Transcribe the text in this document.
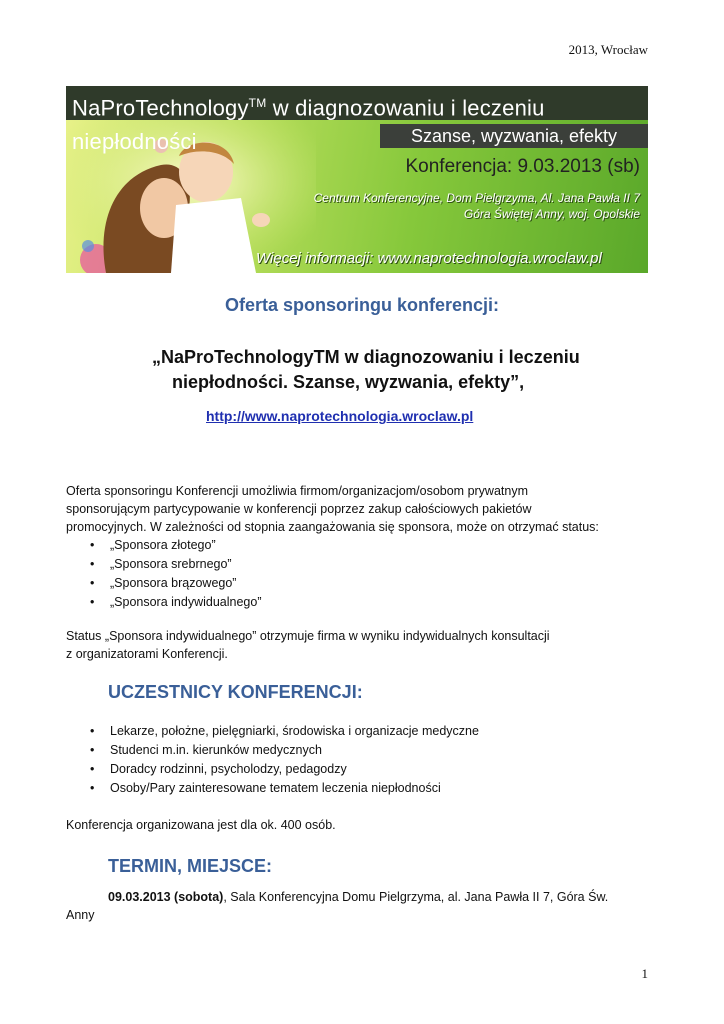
2013, Wrocław
NaProTechnology™ w diagnozowaniu i leczeniu niepłodności	Szanse, wyzwania, efekty
Konferencja: 9.03.2013 (sb)
Centrum Konferencyjne, Dom Pielgrzyma, Al. Jana Pawła II 7
Góra Świętej Anny, woj. Opolskie
Więcej informacji: www.naprotechnologia.wroclaw.pl
Oferta sponsoringu konferencji:
„NaProTechnologyTM w diagnozowaniu i leczeniu
niepłodności. Szanse, wyzwania, efekty”,
http://www.naprotechnologia.wroclaw.pl
Oferta sponsoringu Konferencji umożliwia firmom/organizacjom/osobom prywatnym
sponsorującym partycypowanie w konferencji poprzez zakup całościowych pakietów
promocyjnych. W zależności od stopnia zaangażowania się sponsora, może on otrzymać status:
• „Sponsora złotego”
• „Sponsora srebrnego”
• „Sponsora brązowego”
• „Sponsora indywidualnego”
Status „Sponsora indywidualnego” otrzymuje firma w wyniku indywidualnych konsultacji
z organizatorami Konferencji.
UCZESTNICY KONFERENCJI:
• Lekarze, położne, pielęgniarki, środowiska i organizacje medyczne
• Studenci m.in. kierunków medycznych
• Doradcy rodzinni, psycholodzy, pedagodzy
• Osoby/Pary zainteresowane tematem leczenia niepłodności
Konferencja organizowana jest dla ok. 400 osób.
TERMIN, MIEJSCE:
09.03.2013 (sobota), Sala Konferencyjna Domu Pielgrzyma, al. Jana Pawła II 7, Góra Św.
Anny
1
